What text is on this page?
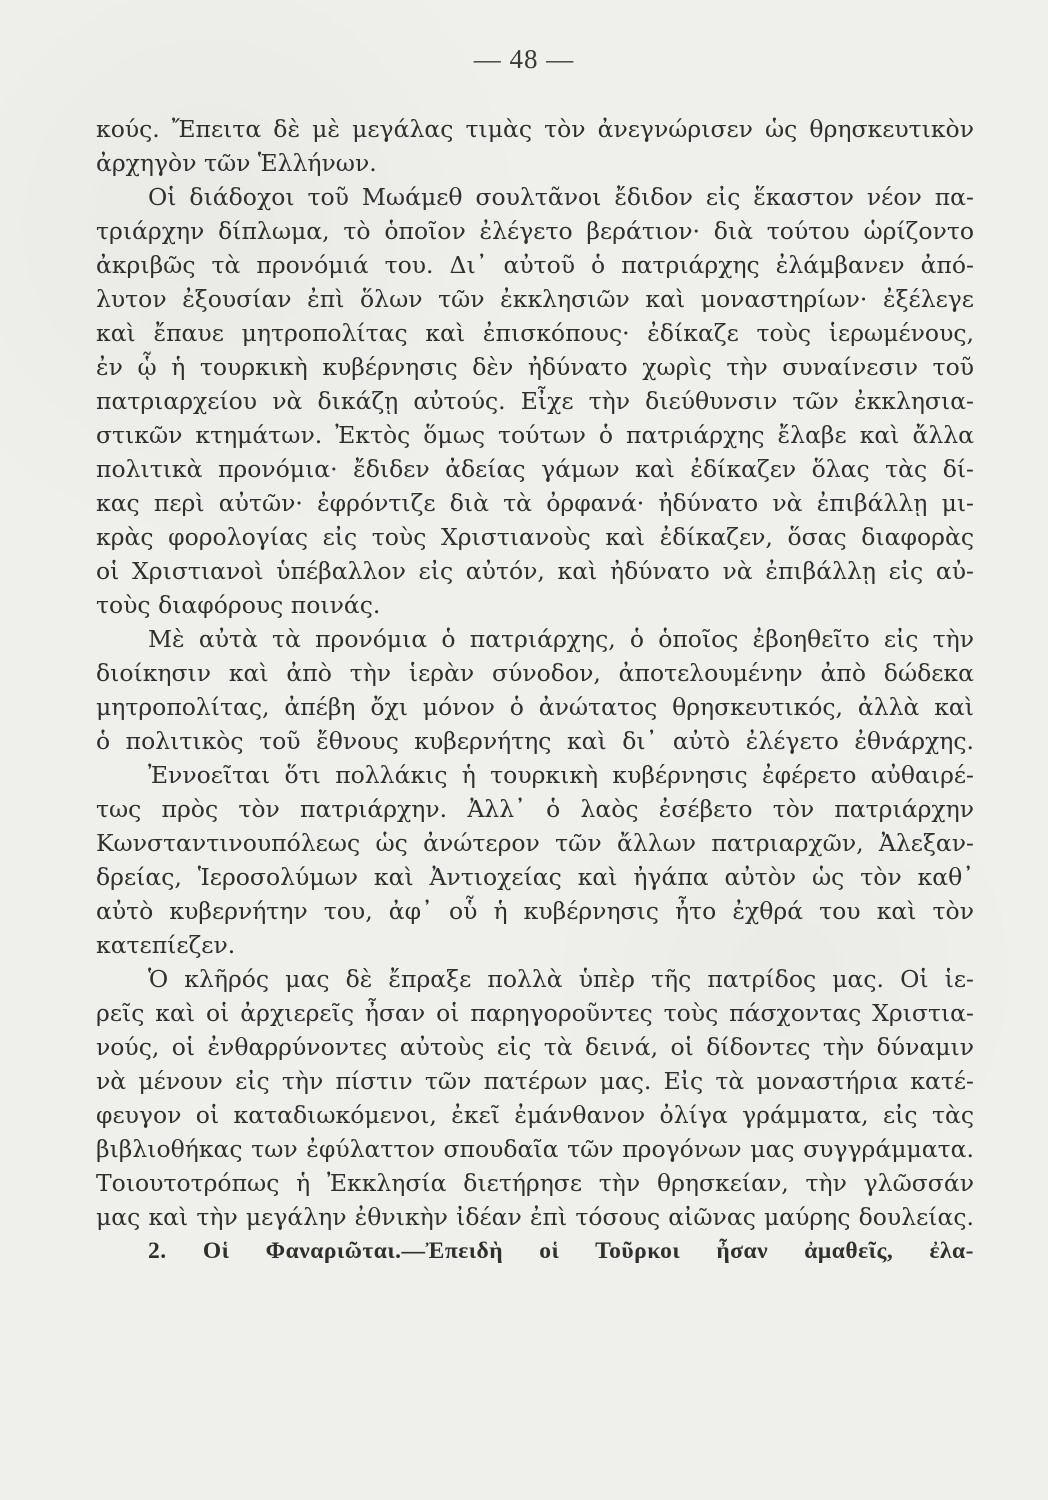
— 48 —
κούς. Ἔπειτα δὲ μὲ μεγάλας τιμὰς τὸν ἀνεγνώρισεν ὡς θρησκευτικὸν
ἀρχηγὸν τῶν Ἑλλήνων.
Οἱ διάδοχοι τοῦ Μωάμεθ σουλτᾶνοι ἔδιδον εἰς ἕκαστον νέον πα-
τριάρχην δίπλωμα, τὸ ὁποῖον ἐλέγετο βεράτιον· διὰ τούτου ὡρίζοντο
ἀκριβῶς τὰ προνόμιά του. Δι᾽ αὐτοῦ ὁ πατριάρχης ἐλάμβανεν ἀπό-
λυτον ἐξουσίαν ἐπὶ ὅλων τῶν ἐκκλησιῶν καὶ μοναστηρίων· ἐξέλεγε
καὶ ἔπαυε μητροπολίτας καὶ ἐπισκόπους· ἐδίκαζε τοὺς ἱερωμένους,
ἐν ᾧ ἡ τουρκικὴ κυβέρνησις δὲν ἠδύνατο χωρὶς τὴν συναίνεσιν τοῦ
πατριαρχείου νὰ δικάζῃ αὐτούς. Εἶχε τὴν διεύθυνσιν τῶν ἐκκλησια-
στικῶν κτημάτων. Ἐκτὸς ὅμως τούτων ὁ πατριάρχης ἔλαβε καὶ ἄλλα
πολιτικὰ προνόμια· ἔδιδεν ἀδείας γάμων καὶ ἐδίκαζεν ὅλας τὰς δί-
κας περὶ αὐτῶν· ἐφρόντιζε διὰ τὰ ὀρφανά· ἠδύνατο νὰ ἐπιβάλλῃ μι-
κρὰς φορολογίας εἰς τοὺς Χριστιανοὺς καὶ ἐδίκαζεν, ὅσας διαφορὰς
οἱ Χριστιανοὶ ὑπέβαλλον εἰς αὐτόν, καὶ ἠδύνατο νὰ ἐπιβάλλῃ εἰς αὐ-
τοὺς διαφόρους ποινάς.
Μὲ αὐτὰ τὰ προνόμια ὁ πατριάρχης, ὁ ὁποῖος ἐβοηθεῖτο εἰς τὴν
διοίκησιν καὶ ἀπὸ τὴν ἱερὰν σύνοδον, ἀποτελουμένην ἀπὸ δώδεκα
μητροπολίτας, ἀπέβη ὄχι μόνον ὁ ἀνώτατος θρησκευτικός, ἀλλὰ καὶ
ὁ πολιτικὸς τοῦ ἔθνους κυβερνήτης καὶ δι᾽ αὐτὸ ἐλέγετο ἐθνάρχης.
Ἐννοεῖται ὅτι πολλάκις ἡ τουρκικὴ κυβέρνησις ἐφέρετο αὐθαιρέ-
τως πρὸς τὸν πατριάρχην. Ἀλλ᾽ ὁ λαὸς ἐσέβετο τὸν πατριάρχην
Κωνσταντινουπόλεως ὡς ἀνώτερον τῶν ἄλλων πατριαρχῶν, Ἀλεξαν-
δρείας, Ἱεροσολύμων καὶ Ἀντιοχείας καὶ ἠγάπα αὐτὸν ὡς τὸν καθ᾽
αὐτὸ κυβερνήτην του, ἀφ᾽ οὗ ἡ κυβέρνησις ἦτο ἐχθρά του καὶ τὸν
κατεπίεζεν.
Ὁ κλῆρός μας δὲ ἔπραξε πολλὰ ὑπὲρ τῆς πατρίδος μας. Οἱ ἱε-
ρεῖς καὶ οἱ ἀρχιερεῖς ἦσαν οἱ παρηγοροῦντες τοὺς πάσχοντας Χριστια-
νούς, οἱ ἐνθαρρύνοντες αὐτοὺς εἰς τὰ δεινά, οἱ δίδοντες τὴν δύναμιν
νὰ μένουν εἰς τὴν πίστιν τῶν πατέρων μας. Εἰς τὰ μοναστήρια κατέ-
φευγον οἱ καταδιωκόμενοι, ἐκεῖ ἐμάνθανον ὀλίγα γράμματα, εἰς τὰς
βιβλιοθήκας των ἐφύλαττον σπουδαῖα τῶν προγόνων μας συγγράμματα.
Τοιουτοτρόπως ἡ Ἐκκλησία διετήρησε τὴν θρησκείαν, τὴν γλῶσσάν
μας καὶ τὴν μεγάλην ἐθνικὴν ἰδέαν ἐπὶ τόσους αἰῶνας μαύρης δουλείας.
2. Οἱ Φαναριῶται.—Ἐπειδὴ οἱ Τοῦρκοι ἦσαν ἀμαθεῖς, ἐλα-
